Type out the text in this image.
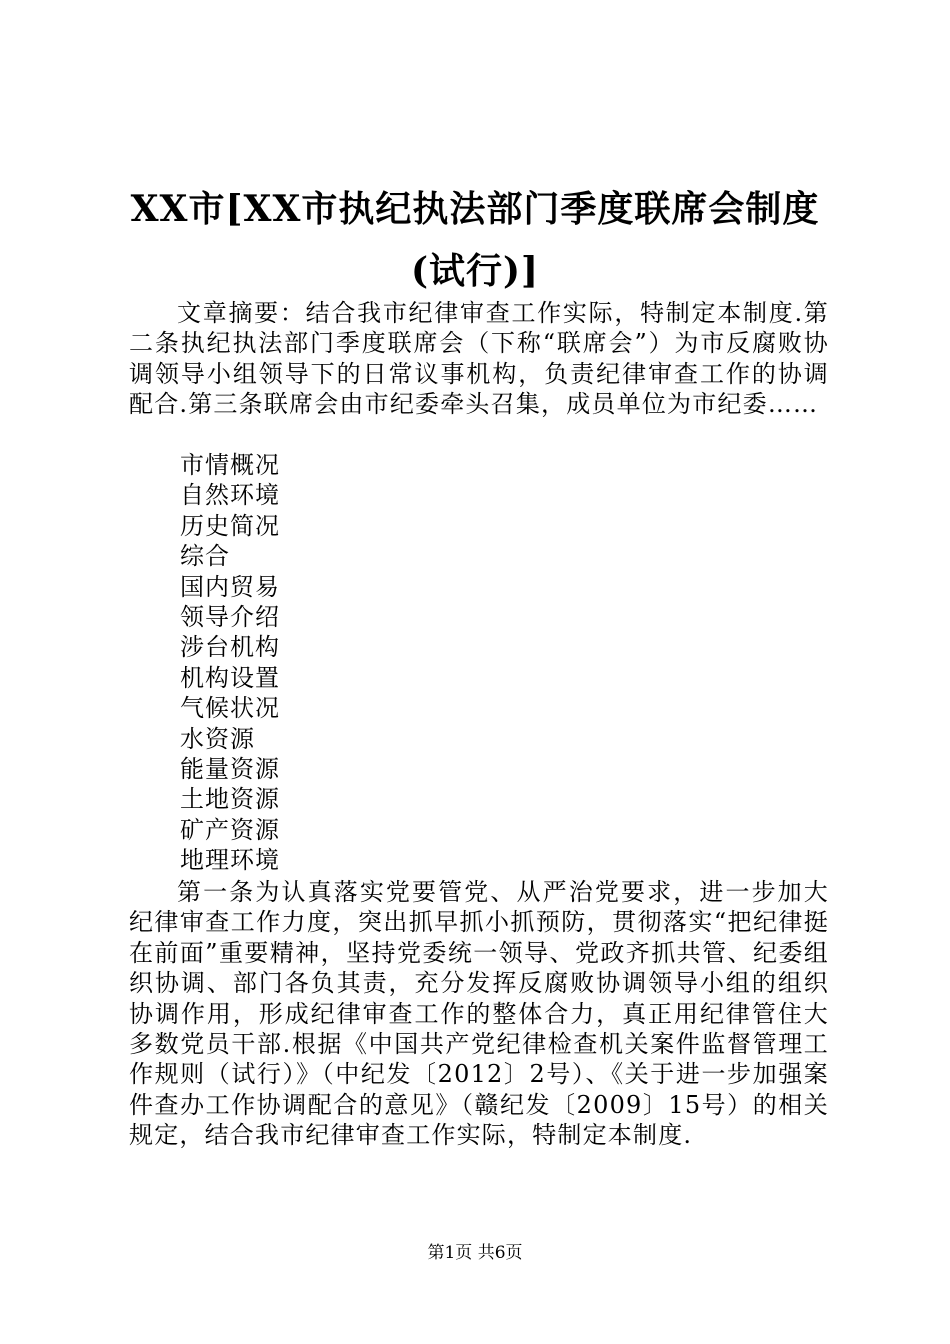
XX市[XX市执纪执法部门季度联席会制度(试行)]

文章摘要：结合我市纪律审查工作实际，特制定本制度.第二条执纪执法部门季度联席会（下称“联席会”）为市反腐败协调领导小组领导下的日常议事机构，负责纪律审查工作的协调配合.第三条联席会由市纪委牵头召集，成员单位为市纪委……

市情概况
自然环境
历史简况
综合
国内贸易
领导介绍
涉台机构
机构设置
气候状况
水资源
能量资源
土地资源
矿产资源
地理环境

第一条为认真落实党要管党、从严治党要求，进一步加大纪律审查工作力度，突出抓早抓小抓预防，贯彻落实“把纪律挺在前面”重要精神，坚持党委统一领导、党政齐抓共管、纪委组织协调、部门各负其责，充分发挥反腐败协调领导小组的组织协调作用，形成纪律审查工作的整体合力，真正用纪律管住大多数党员干部.根据《中国共产党纪律检查机关案件监督管理工作规则（试行）》（中纪发〔2012〕2号）、《关于进一步加强案件查办工作协调配合的意见》（赣纪发〔2009〕15号）的相关规定，结合我市纪律审查工作实际，特制定本制度.

第1页 共6页
